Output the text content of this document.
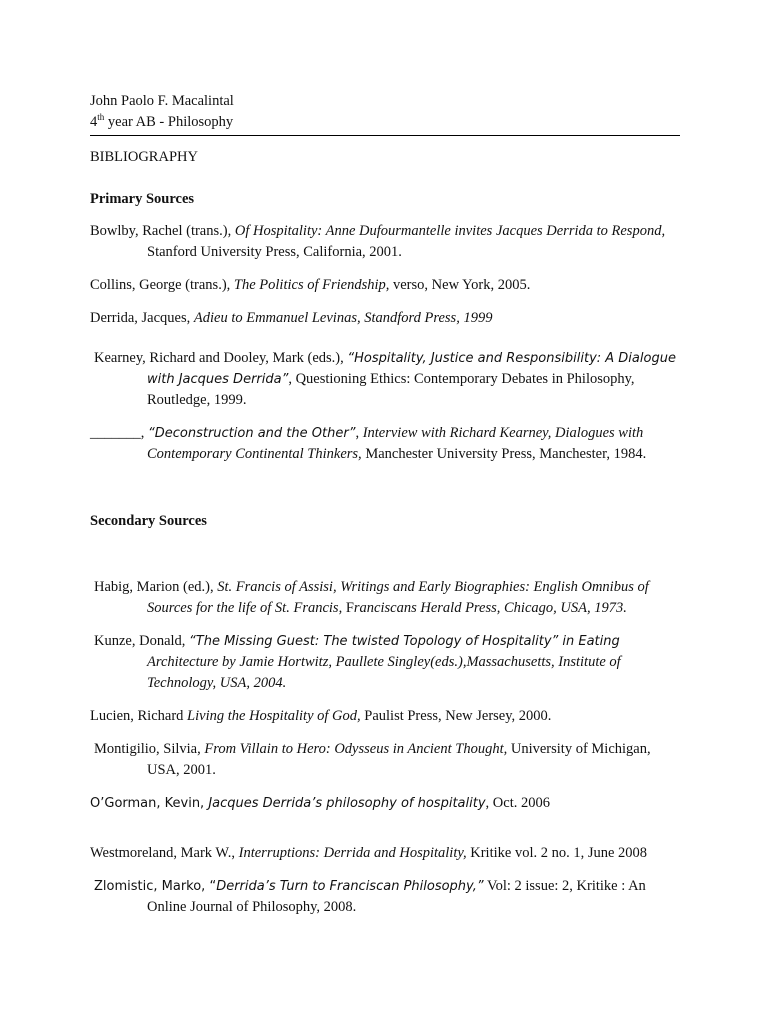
John Paolo F. Macalintal
4th year AB - Philosophy
BIBLIOGRAPHY
Primary Sources
Bowlby, Rachel (trans.), Of Hospitality: Anne Dufourmantelle invites Jacques Derrida to Respond, Stanford University Press, California, 2001.
Collins, George (trans.), The Politics of Friendship, verso, New York, 2005.
Derrida, Jacques, Adieu to Emmanuel Levinas, Standford Press, 1999
Kearney, Richard and Dooley, Mark (eds.), “Hospitality, Justice and Responsibility: A Dialogue with Jacques Derrida”, Questioning Ethics: Contemporary Debates in Philosophy, Routledge, 1999.
_______, “Deconstruction and the Other”, Interview with Richard Kearney, Dialogues with Contemporary Continental Thinkers, Manchester University Press, Manchester, 1984.
Secondary Sources
Habig, Marion (ed.), St. Francis of Assisi, Writings and Early Biographies: English Omnibus of Sources for the life of St. Francis, Franciscans Herald Press, Chicago, USA, 1973.
Kunze, Donald, “The Missing Guest: The twisted Topology of Hospitality” in Eating Architecture by Jamie Hortwitz, Paullete Singley(eds.),Massachusetts, Institute of Technology, USA, 2004.
Lucien, Richard Living the Hospitality of God, Paulist Press, New Jersey, 2000.
Montigilio, Silvia, From Villain to Hero: Odysseus in Ancient Thought, University of Michigan, USA, 2001.
O’Gorman, Kevin, Jacques Derrida’s philosophy of hospitality, Oct. 2006
Westmoreland, Mark W., Interruptions: Derrida and Hospitality, Kritike vol. 2 no. 1, June 2008
Zlomistic, Marko, “Derrida’s Turn to Franciscan Philosophy,” Vol: 2 issue: 2, Kritike : An Online Journal of Philosophy, 2008.
